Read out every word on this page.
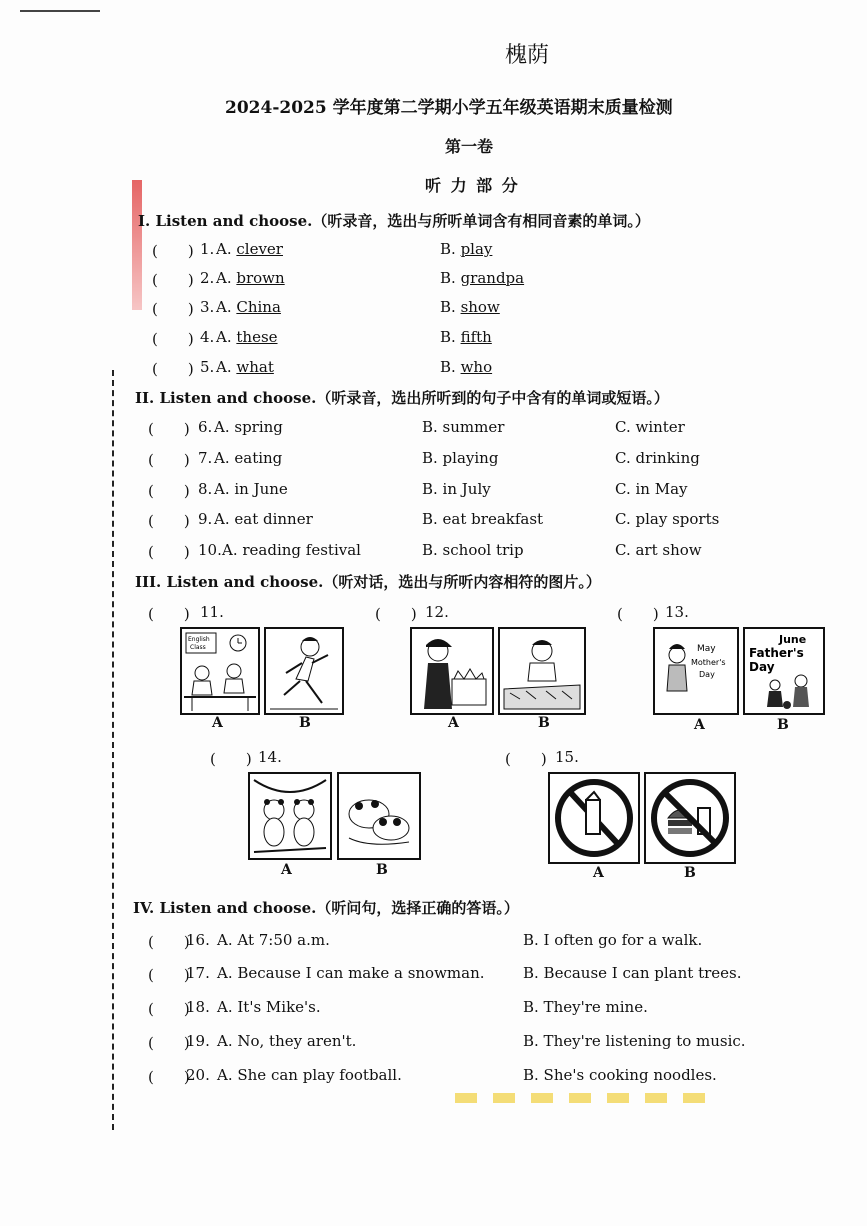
槐荫
2024-2025 学年度第二学期小学五年级英语期末质量检测
第一卷
听 力 部 分
I. Listen and choose.（听录音，选出与所听单词含有相同音素的单词。）
(　　) 1. A. clever	B. play
(　　) 2. A. brown	B. grandpa
(　　) 3. A. China	B. show
(　　) 4. A. these	B. fifth
(　　) 5. A. what	B. who
II. Listen and choose.（听录音，选出所听到的句子中含有的单词或短语。）
(　　) 6. A. spring	B. summer	C. winter
(　　) 7. A. eating	B. playing	C. drinking
(　　) 8. A. in June	B. in July	C. in May
(　　) 9. A. eat dinner	B. eat breakfast	C. play sports
(　　) 10. A. reading festival	B. school trip	C. art show
III. Listen and choose.（听对话，选出与所听内容相符的图片。）
(　　) 11.
English
Class
A	B
(　　) 12.
A	B
(　　) 13.
May
Mother's
Day
June
Father's
Day
A	B
(　　) 14.
A	B
(　　) 15.
A	B
IV. Listen and choose.（听问句，选择正确的答语。）
(　　)
16. A. At 7:50 a.m.	B. I often go for a walk.
(　　)
17. A. Because I can make a snowman.	B. Because I can plant trees.
(　　)
18. A. It's Mike's.	B. They're mine.
(　　)
19. A. No, they aren't.	B. They're listening to music.
(　　)
20. A. She can play football.	B. She's cooking noodles.
